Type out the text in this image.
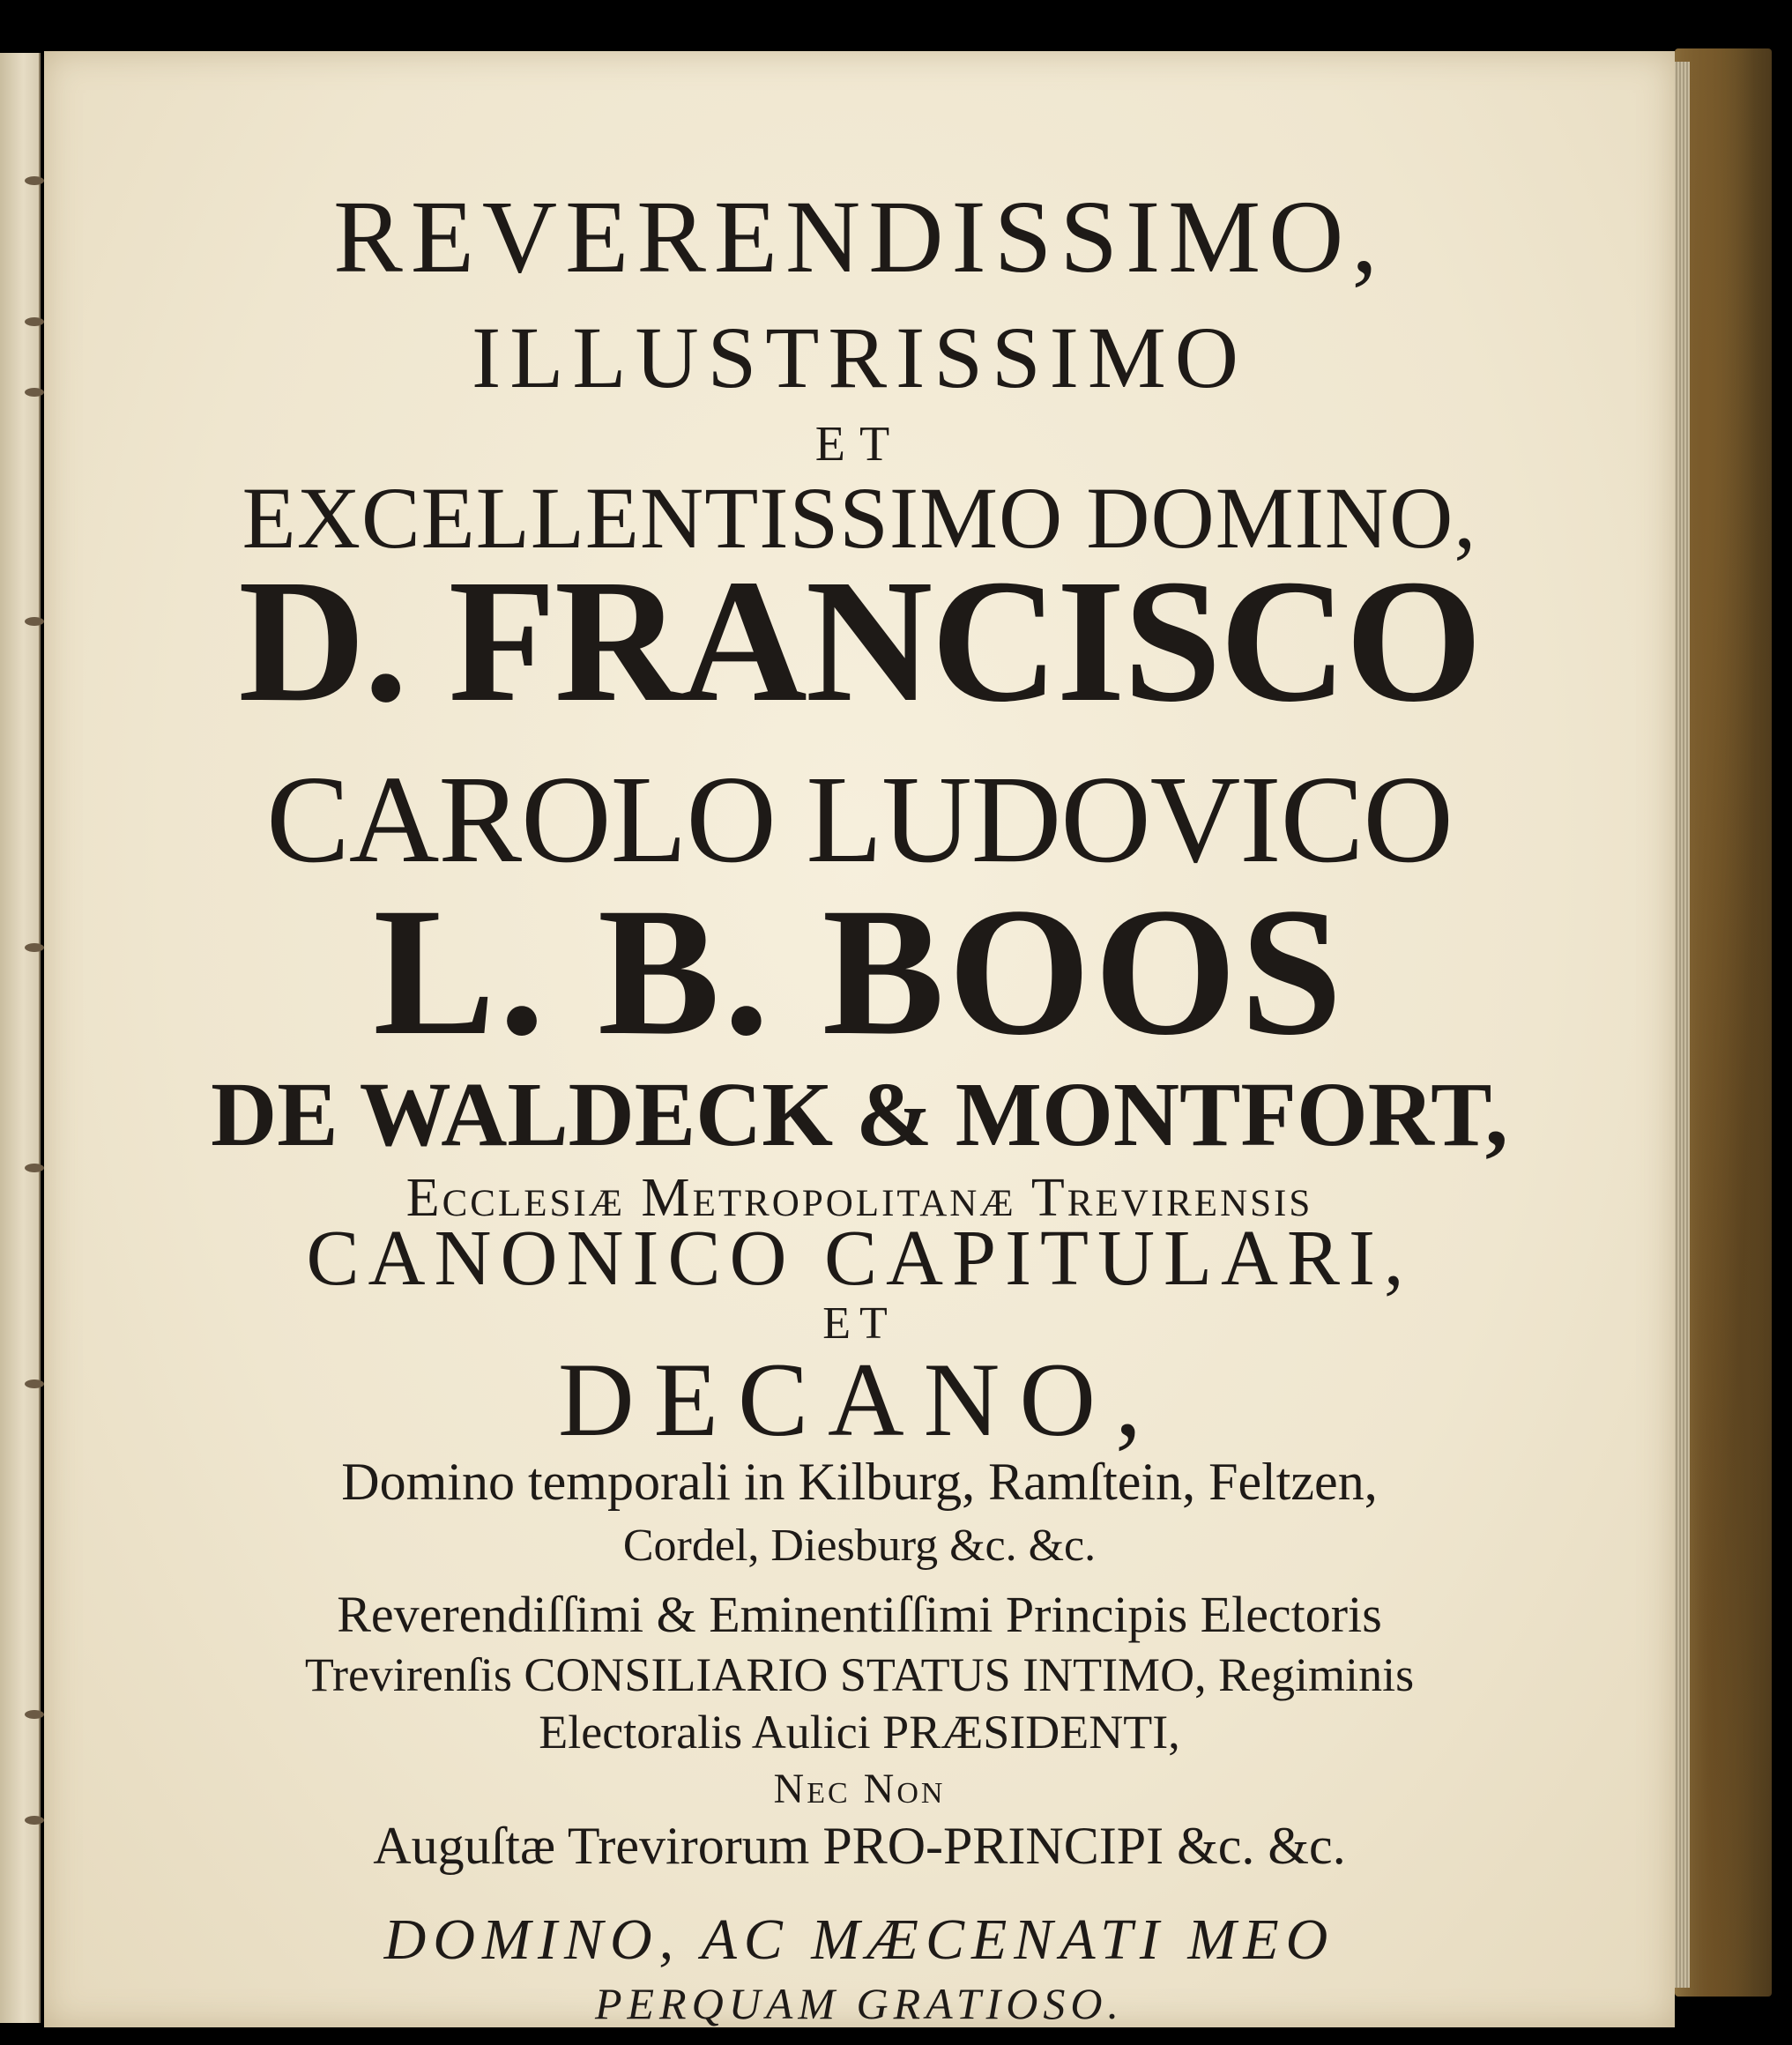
REVERENDISSIMO,
ILLUSTRISSIMO
ET
EXCELLENTISSIMO DOMINO,
D. FRANCISCO
CAROLO LUDOVICO
L. B. BOOS
DE WALDECK & MONTFORT,
Ecclesiæ Metropolitanæ Trevirensis
CANONICO CAPITULARI,
ET
DECANO,
Domino temporali in Kilburg, Ramſtein, Feltzen,
Cordel, Diesburg &c. &c.
Reverendiſſimi & Eminentiſſimi Principis Electoris
Trevirenſis CONSILIARIO STATUS INTIMO, Regiminis
Electoralis Aulici PRÆSIDENTI,
Nec Non
Auguſtæ Trevirorum PRO-PRINCIPI &c. &c.
DOMINO, AC MÆCENATI MEO
PERQUAM GRATIOSO.
